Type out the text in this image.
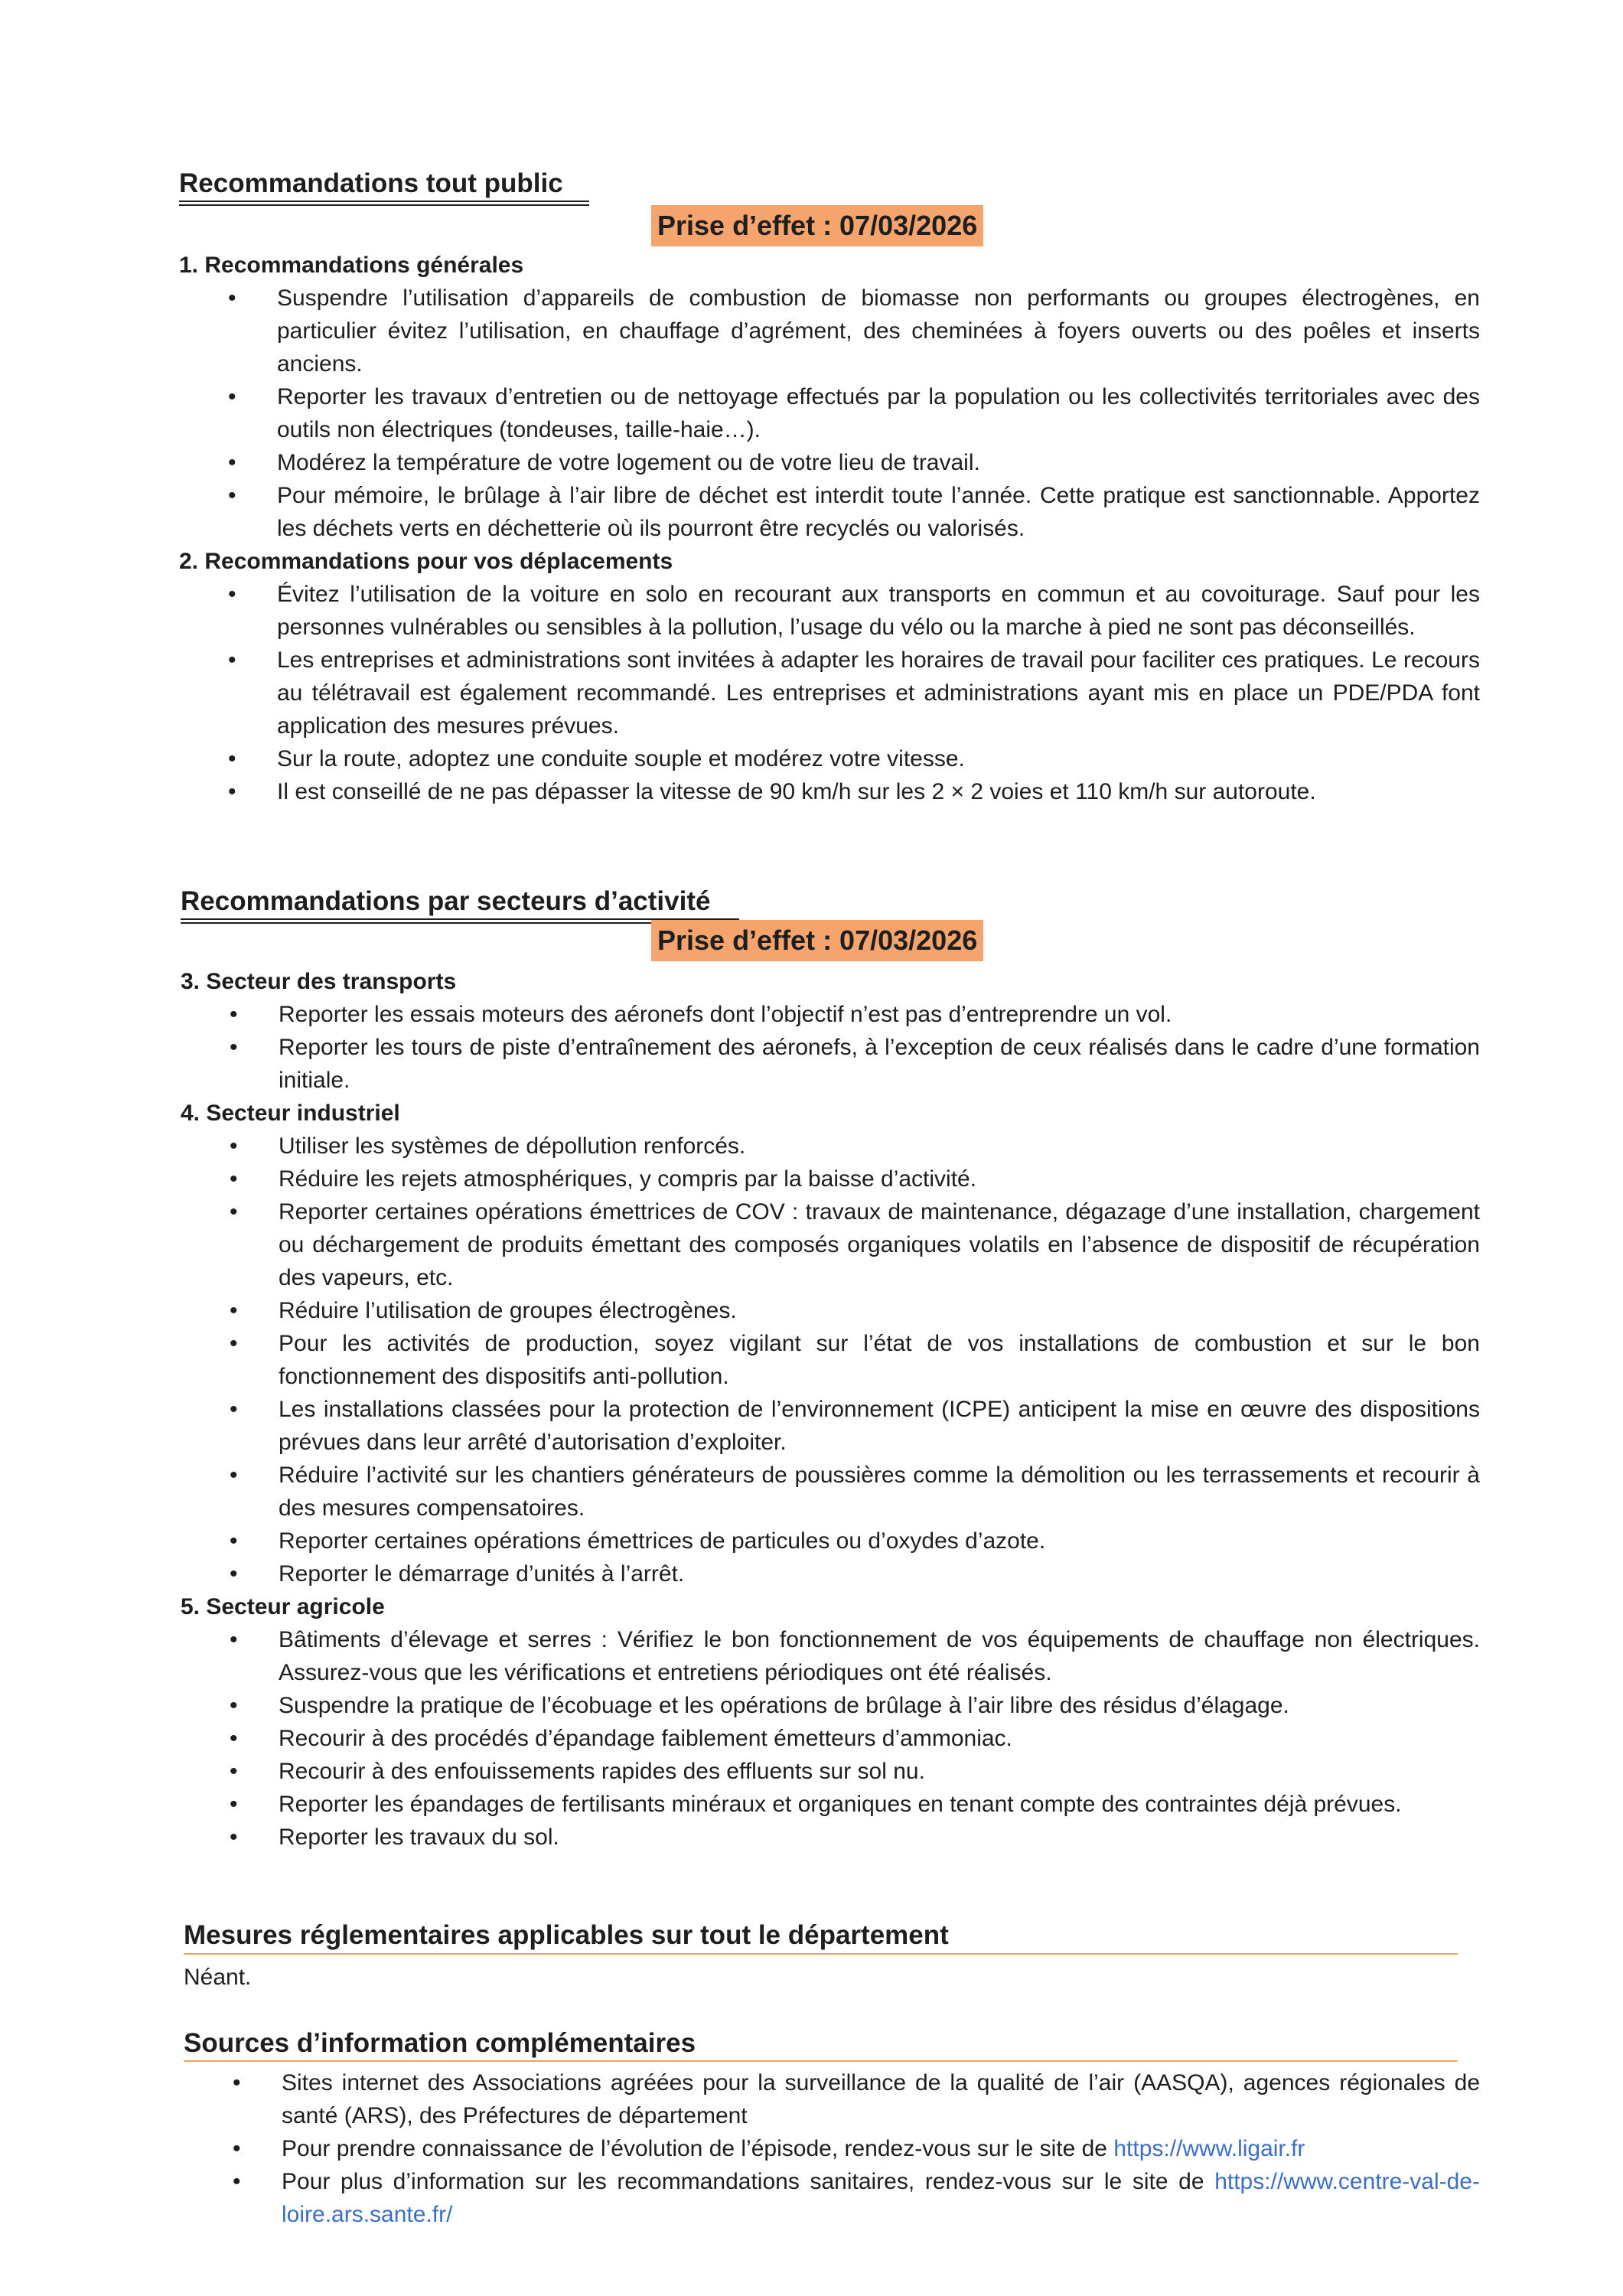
Recommandations tout public
Prise d’effet : 07/03/2026

1. Recommandations générales

• Suspendre l’utilisation d’appareils de combustion de biomasse non performants ou groupes électrogènes, en particulier évitez l’utilisation, en chauffage d’agrément, des cheminées à foyers ouverts ou des poêles et inserts anciens.
• Reporter les travaux d’entretien ou de nettoyage effectués par la population ou les collectivités territoriales avec des outils non électriques (tondeuses, taille-haie…).
• Modérez la température de votre logement ou de votre lieu de travail.
• Pour mémoire, le brûlage à l’air libre de déchet est interdit toute l’année. Cette pratique est sanctionnable. Apportez les déchets verts en déchetterie où ils pourront être recyclés ou valorisés.

2. Recommandations pour vos déplacements

• Évitez l’utilisation de la voiture en solo en recourant aux transports en commun et au covoiturage. Sauf pour les personnes vulnérables ou sensibles à la pollution, l’usage du vélo ou la marche à pied ne sont pas déconseillés.
• Les entreprises et administrations sont invitées à adapter les horaires de travail pour faciliter ces pratiques. Le recours au télétravail est également recommandé. Les entreprises et administrations ayant mis en place un PDE/PDA font application des mesures prévues.
• Sur la route, adoptez une conduite souple et modérez votre vitesse.
• Il est conseillé de ne pas dépasser la vitesse de 90 km/h sur les 2 × 2 voies et 110 km/h sur autoroute.
Recommandations par secteurs d’activité
Prise d’effet : 07/03/2026

3. Secteur des transports

• Reporter les essais moteurs des aéronefs dont l’objectif n’est pas d’entreprendre un vol.
• Reporter les tours de piste d’entraînement des aéronefs, à l’exception de ceux réalisés dans le cadre d’une formation initiale.

4. Secteur industriel

• Utiliser les systèmes de dépollution renforcés.
• Réduire les rejets atmosphériques, y compris par la baisse d’activité.
• Reporter certaines opérations émettrices de COV : travaux de maintenance, dégazage d’une installation, chargement ou déchargement de produits émettant des composés organiques volatils en l’absence de dispositif de récupération des vapeurs, etc.
• Réduire l’utilisation de groupes électrogènes.
• Pour les activités de production, soyez vigilant sur l’état de vos installations de combustion et sur le bon fonctionnement des dispositifs anti-pollution.
• Les installations classées pour la protection de l’environnement (ICPE) anticipent la mise en œuvre des dispositions prévues dans leur arrêté d’autorisation d’exploiter.
• Réduire l’activité sur les chantiers générateurs de poussières comme la démolition ou les terrassements et recourir à des mesures compensatoires.
• Reporter certaines opérations émettrices de particules ou d’oxydes d’azote.
• Reporter le démarrage d’unités à l’arrêt.

5. Secteur agricole

• Bâtiments d’élevage et serres : Vérifiez le bon fonctionnement de vos équipements de chauffage non électriques. Assurez-vous que les vérifications et entretiens périodiques ont été réalisés.
• Suspendre la pratique de l’écobuage et les opérations de brûlage à l’air libre des résidus d’élagage.
• Recourir à des procédés d’épandage faiblement émetteurs d’ammoniac.
• Recourir à des enfouissements rapides des effluents sur sol nu.
• Reporter les épandages de fertilisants minéraux et organiques en tenant compte des contraintes déjà prévues.
• Reporter les travaux du sol.
Mesures réglementaires applicables sur tout le département
Néant.
Sources d’information complémentaires
• Sites internet des Associations agréées pour la surveillance de la qualité de l’air (AASQA), agences régionales de santé (ARS), des Préfectures de département
• Pour prendre connaissance de l’évolution de l’épisode, rendez-vous sur le site de https://www.ligair.fr
• Pour plus d’information sur les recommandations sanitaires, rendez-vous sur le site de https://www.centre-val-de-loire.ars.sante.fr/
